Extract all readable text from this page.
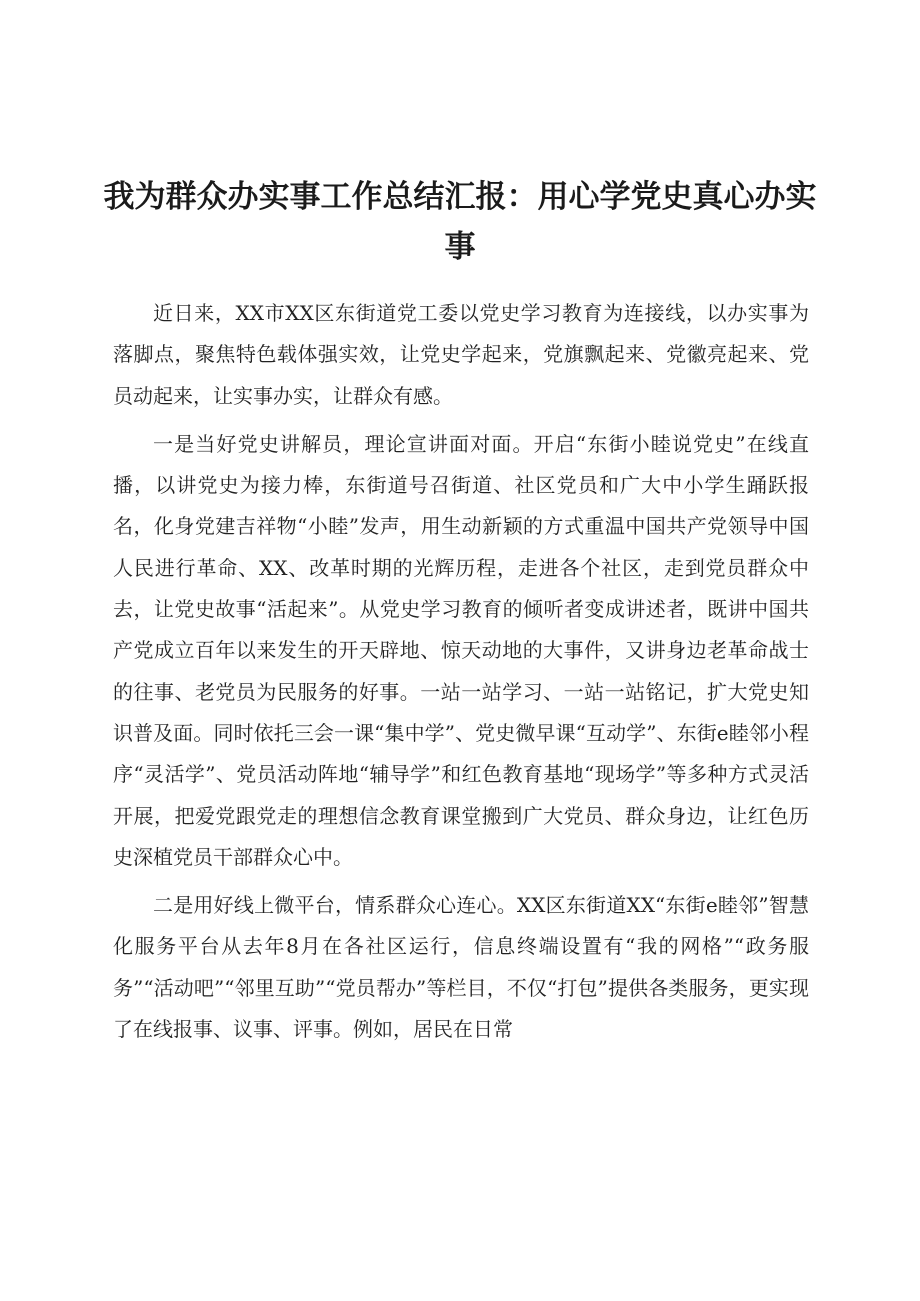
我为群众办实事工作总结汇报：用心学党史真心办实事

近日来，XX市XX区东街道党工委以党史学习教育为连接线，以办实事为落脚点，聚焦特色载体强实效，让党史学起来，党旗飘起来、党徽亮起来、党员动起来，让实事办实，让群众有感。

一是当好党史讲解员，理论宣讲面对面。开启“东街小睦说党史”在线直播，以讲党史为接力棒，东街道号召街道、社区党员和广大中小学生踊跃报名，化身党建吉祥物“小睦”发声，用生动新颖的方式重温中国共产党领导中国人民进行革命、XX、改革时期的光辉历程，走进各个社区，走到党员群众中去，让党史故事“活起来”。从党史学习教育的倾听者变成讲述者，既讲中国共产党成立百年以来发生的开天辟地、惊天动地的大事件，又讲身边老革命战士的往事、老党员为民服务的好事。一站一站学习、一站一站铭记，扩大党史知识普及面。同时依托三会一课“集中学”、党史微早课“互动学”、东街e睦邻小程序“灵活学”、党员活动阵地“辅导学”和红色教育基地“现场学”等多种方式灵活开展，把爱党跟党走的理想信念教育课堂搬到广大党员、群众身边，让红色历史深植党员干部群众心中。

二是用好线上微平台，情系群众心连心。XX区东街道XX“东街e睦邻”智慧化服务平台从去年8月在各社区运行，信息终端设置有“我的网格”“政务服务”“活动吧”“邻里互助”“党员帮办”等栏目，不仅“打包”提供各类服务，更实现了在线报事、议事、评事。例如，居民在日常
